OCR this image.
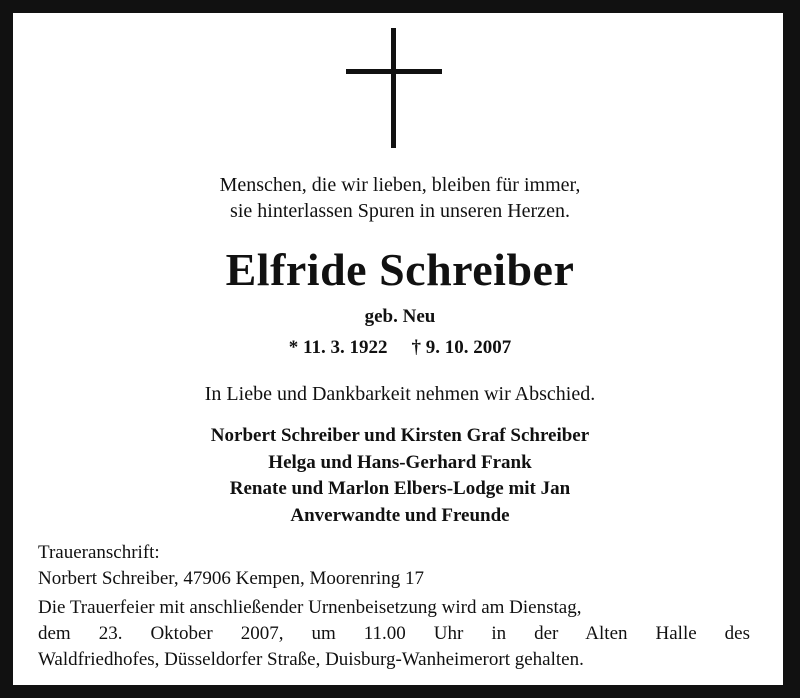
Menschen, die wir lieben, bleiben für immer,
sie hinterlassen Spuren in unseren Herzen.
Elfride Schreiber
geb. Neu
* 11. 3. 1922 † 9. 10. 2007
In Liebe und Dankbarkeit nehmen wir Abschied.
Norbert Schreiber und Kirsten Graf Schreiber
Helga und Hans-Gerhard Frank
Renate und Marlon Elbers-Lodge mit Jan
Anverwandte und Freunde
Traueranschrift:
Norbert Schreiber, 47906 Kempen, Moorenring 17
Die Trauerfeier mit anschließender Urnenbeisetzung wird am Dienstag,
dem 23. Oktober 2007, um 11.00 Uhr in der Alten Halle des
Waldfriedhofes, Düsseldorfer Straße, Duisburg-Wanheimerort gehalten.
